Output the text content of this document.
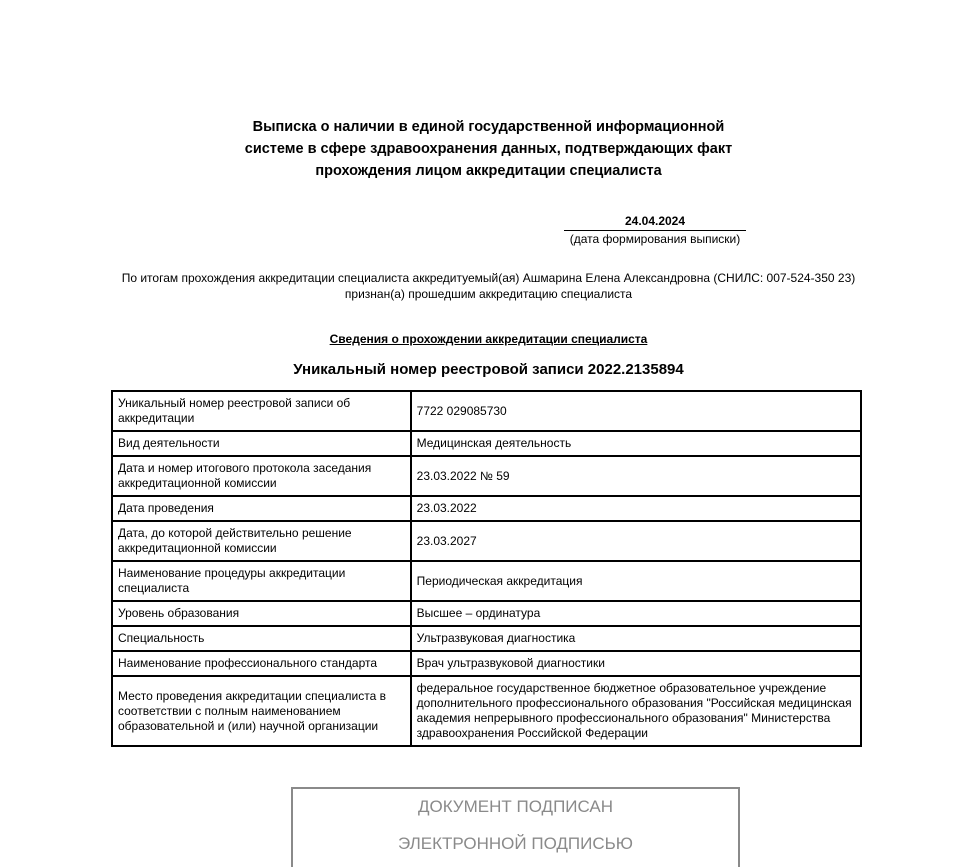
Выписка о наличии в единой государственной информационной
системе в сфере здравоохранения данных, подтверждающих факт
прохождения лицом аккредитации специалиста
24.04.2024
(дата формирования выписки)
По итогам прохождения аккредитации специалиста аккредитуемый(ая) Ашмарина Елена Александровна (СНИЛС: 007-524-350 23) признан(а) прошедшим аккредитацию специалиста
Сведения о прохождении аккредитации специалиста
Уникальный номер реестровой записи 2022.2135894
Уникальный номер реестровой записи об аккредитации	7722 029085730
Вид деятельности	Медицинская деятельность
Дата и номер итогового протокола заседания аккредитационной комиссии	23.03.2022 № 59
Дата проведения	23.03.2022
Дата, до которой действительно решение аккредитационной комиссии	23.03.2027
Наименование процедуры аккредитации специалиста	Периодическая аккредитация
Уровень образования	Высшее – ординатура
Специальность	Ультразвуковая диагностика
Наименование профессионального стандарта	Врач ультразвуковой диагностики
Место проведения аккредитации специалиста в соответствии с полным наименованием образовательной и (или) научной организации	федеральное государственное бюджетное образовательное учреждение дополнительного профессионального образования "Российская медицинская академия непрерывного профессионального образования" Министерства здравоохранения Российской Федерации
ДОКУМЕНТ ПОДПИСАН
ЭЛЕКТРОННОЙ ПОДПИСЬЮ
